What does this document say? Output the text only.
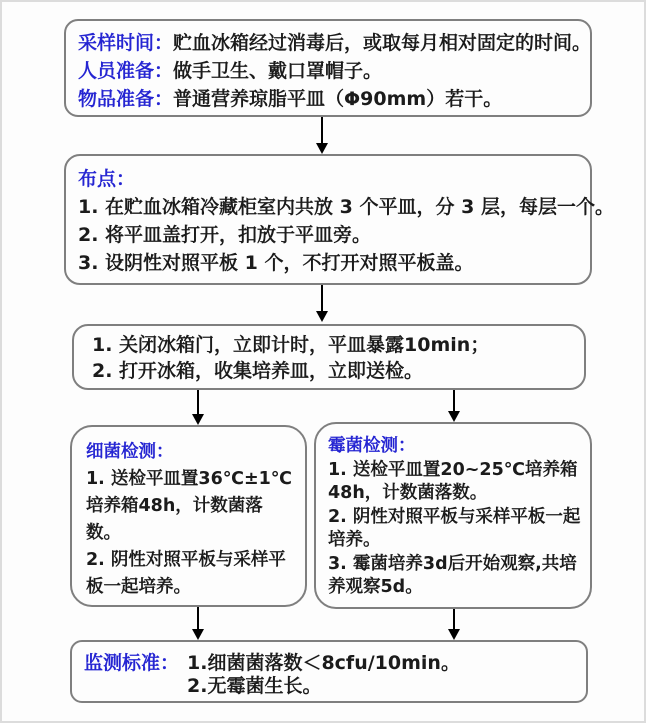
采样时间：贮血冰箱经过消毒后，或取每月相对固定的时间。
人员准备：做手卫生、戴口罩帽子。
物品准备：普通营养琼脂平皿（Φ90mm）若干。
布点：
1. 在贮血冰箱冷藏柜室内共放 3 个平皿，分 3 层，每层一个。
2. 将平皿盖打开，扣放于平皿旁。
3. 设阴性对照平板 1 个，不打开对照平板盖。
1. 关闭冰箱门，立即计时，平皿暴露10min；
2. 打开冰箱，收集培养皿，立即送检。
细菌检测：
1. 送检平皿置36℃±1℃培养箱48h，计数菌落数。
2. 阴性对照平板与采样平板一起培养。
霉菌检测：
1. 送检平皿置20~25℃培养箱48h，计数菌落数。
2. 阴性对照平板与采样平板一起培养。
3. 霉菌培养3d后开始观察,共培养观察5d。
监测标准： 1.细菌菌落数＜8cfu/10min。
2.无霉菌生长。
